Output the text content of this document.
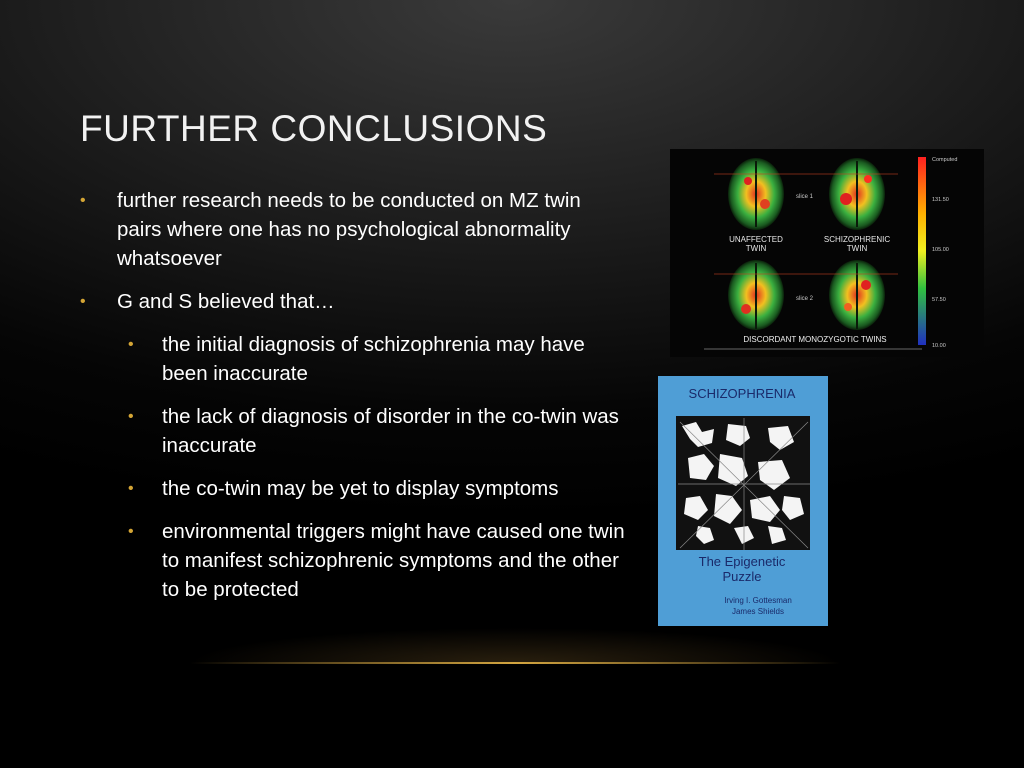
FURTHER CONCLUSIONS
• further research needs to be conducted on MZ twin pairs where one has no psychological abnormality whatsoever
• G and S believed that…
• the initial diagnosis of schizophrenia may have been inaccurate
• the lack of diagnosis of disorder in the co-twin was inaccurate
• the co-twin may be yet to display symptoms
• environmental triggers might have caused one twin to manifest schizophrenic symptoms and the other to be protected
slice 1
slice 2
UNAFFECTED
TWIN
SCHIZOPHRENIC
TWIN
DISCORDANT MONOZYGOTIC TWINS
Computed
131.50
105.00
57.50
10.00
SCHIZOPHRENIA
The Epigenetic
Puzzle
Irving I. Gottesman
James Shields
